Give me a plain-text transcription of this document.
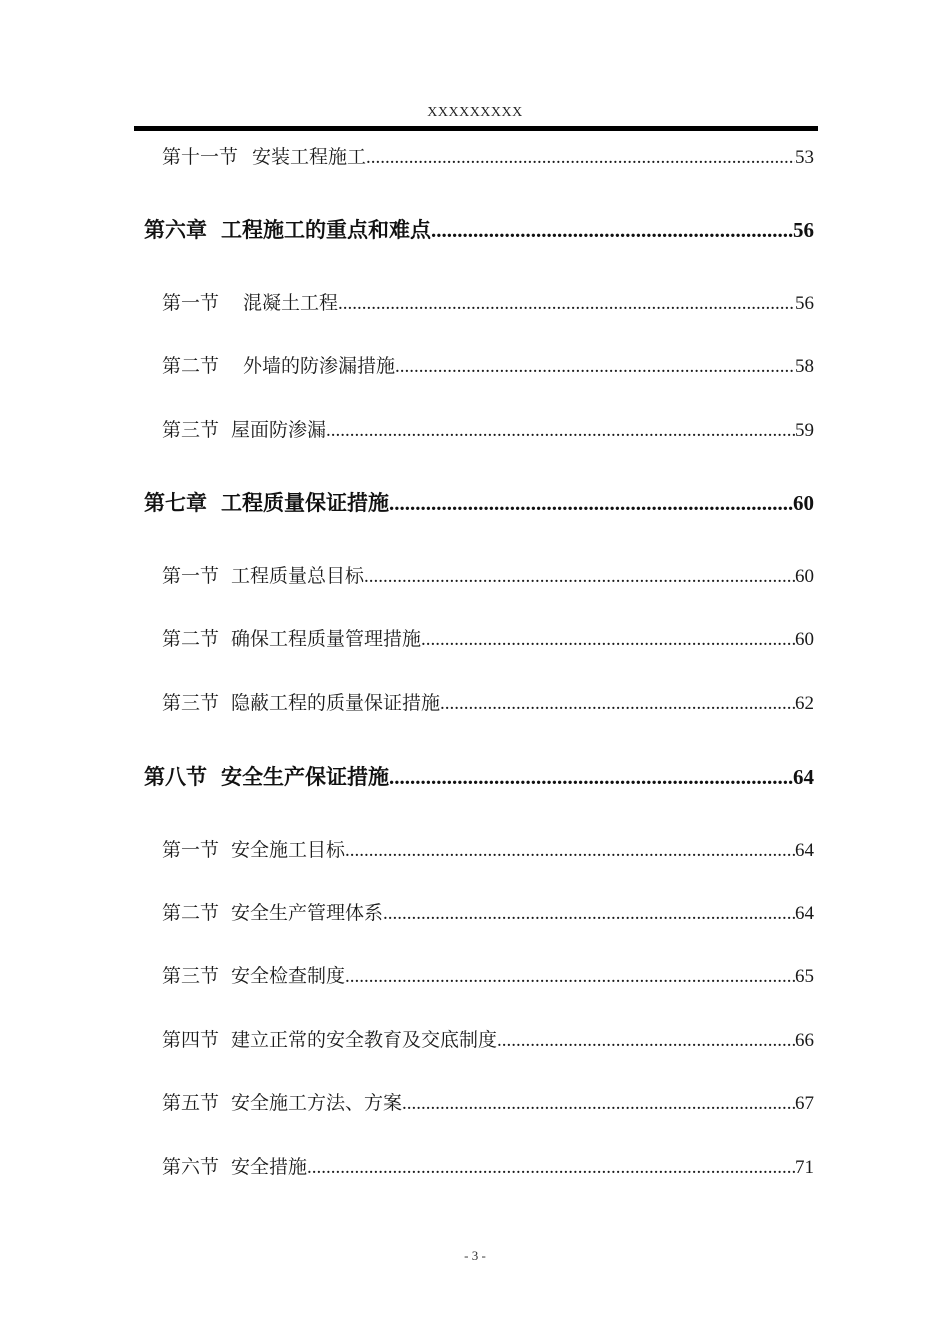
XXXXXXXXX
第十一节 安装工程施工 .....	53
第六章 工程施工的重点和难点 .....	56
第一节 混凝土工程 .....	56
第二节 外墙的防渗漏措施 .....	58
第三节 屋面防渗漏 .....	59
第七章 工程质量保证措施 .....	60
第一节 工程质量总目标 .....	60
第二节 确保工程质量管理措施 .....	60
第三节 隐蔽工程的质量保证措施 .....	62
第八节 安全生产保证措施 .....	64
第一节 安全施工目标 .....	64
第二节 安全生产管理体系 .....	64
第三节 安全检查制度 .....	65
第四节 建立正常的安全教育及交底制度 .....	66
第五节 安全施工方法、方案 .....	67
第六节 安全措施 .....	71
- 3 -
